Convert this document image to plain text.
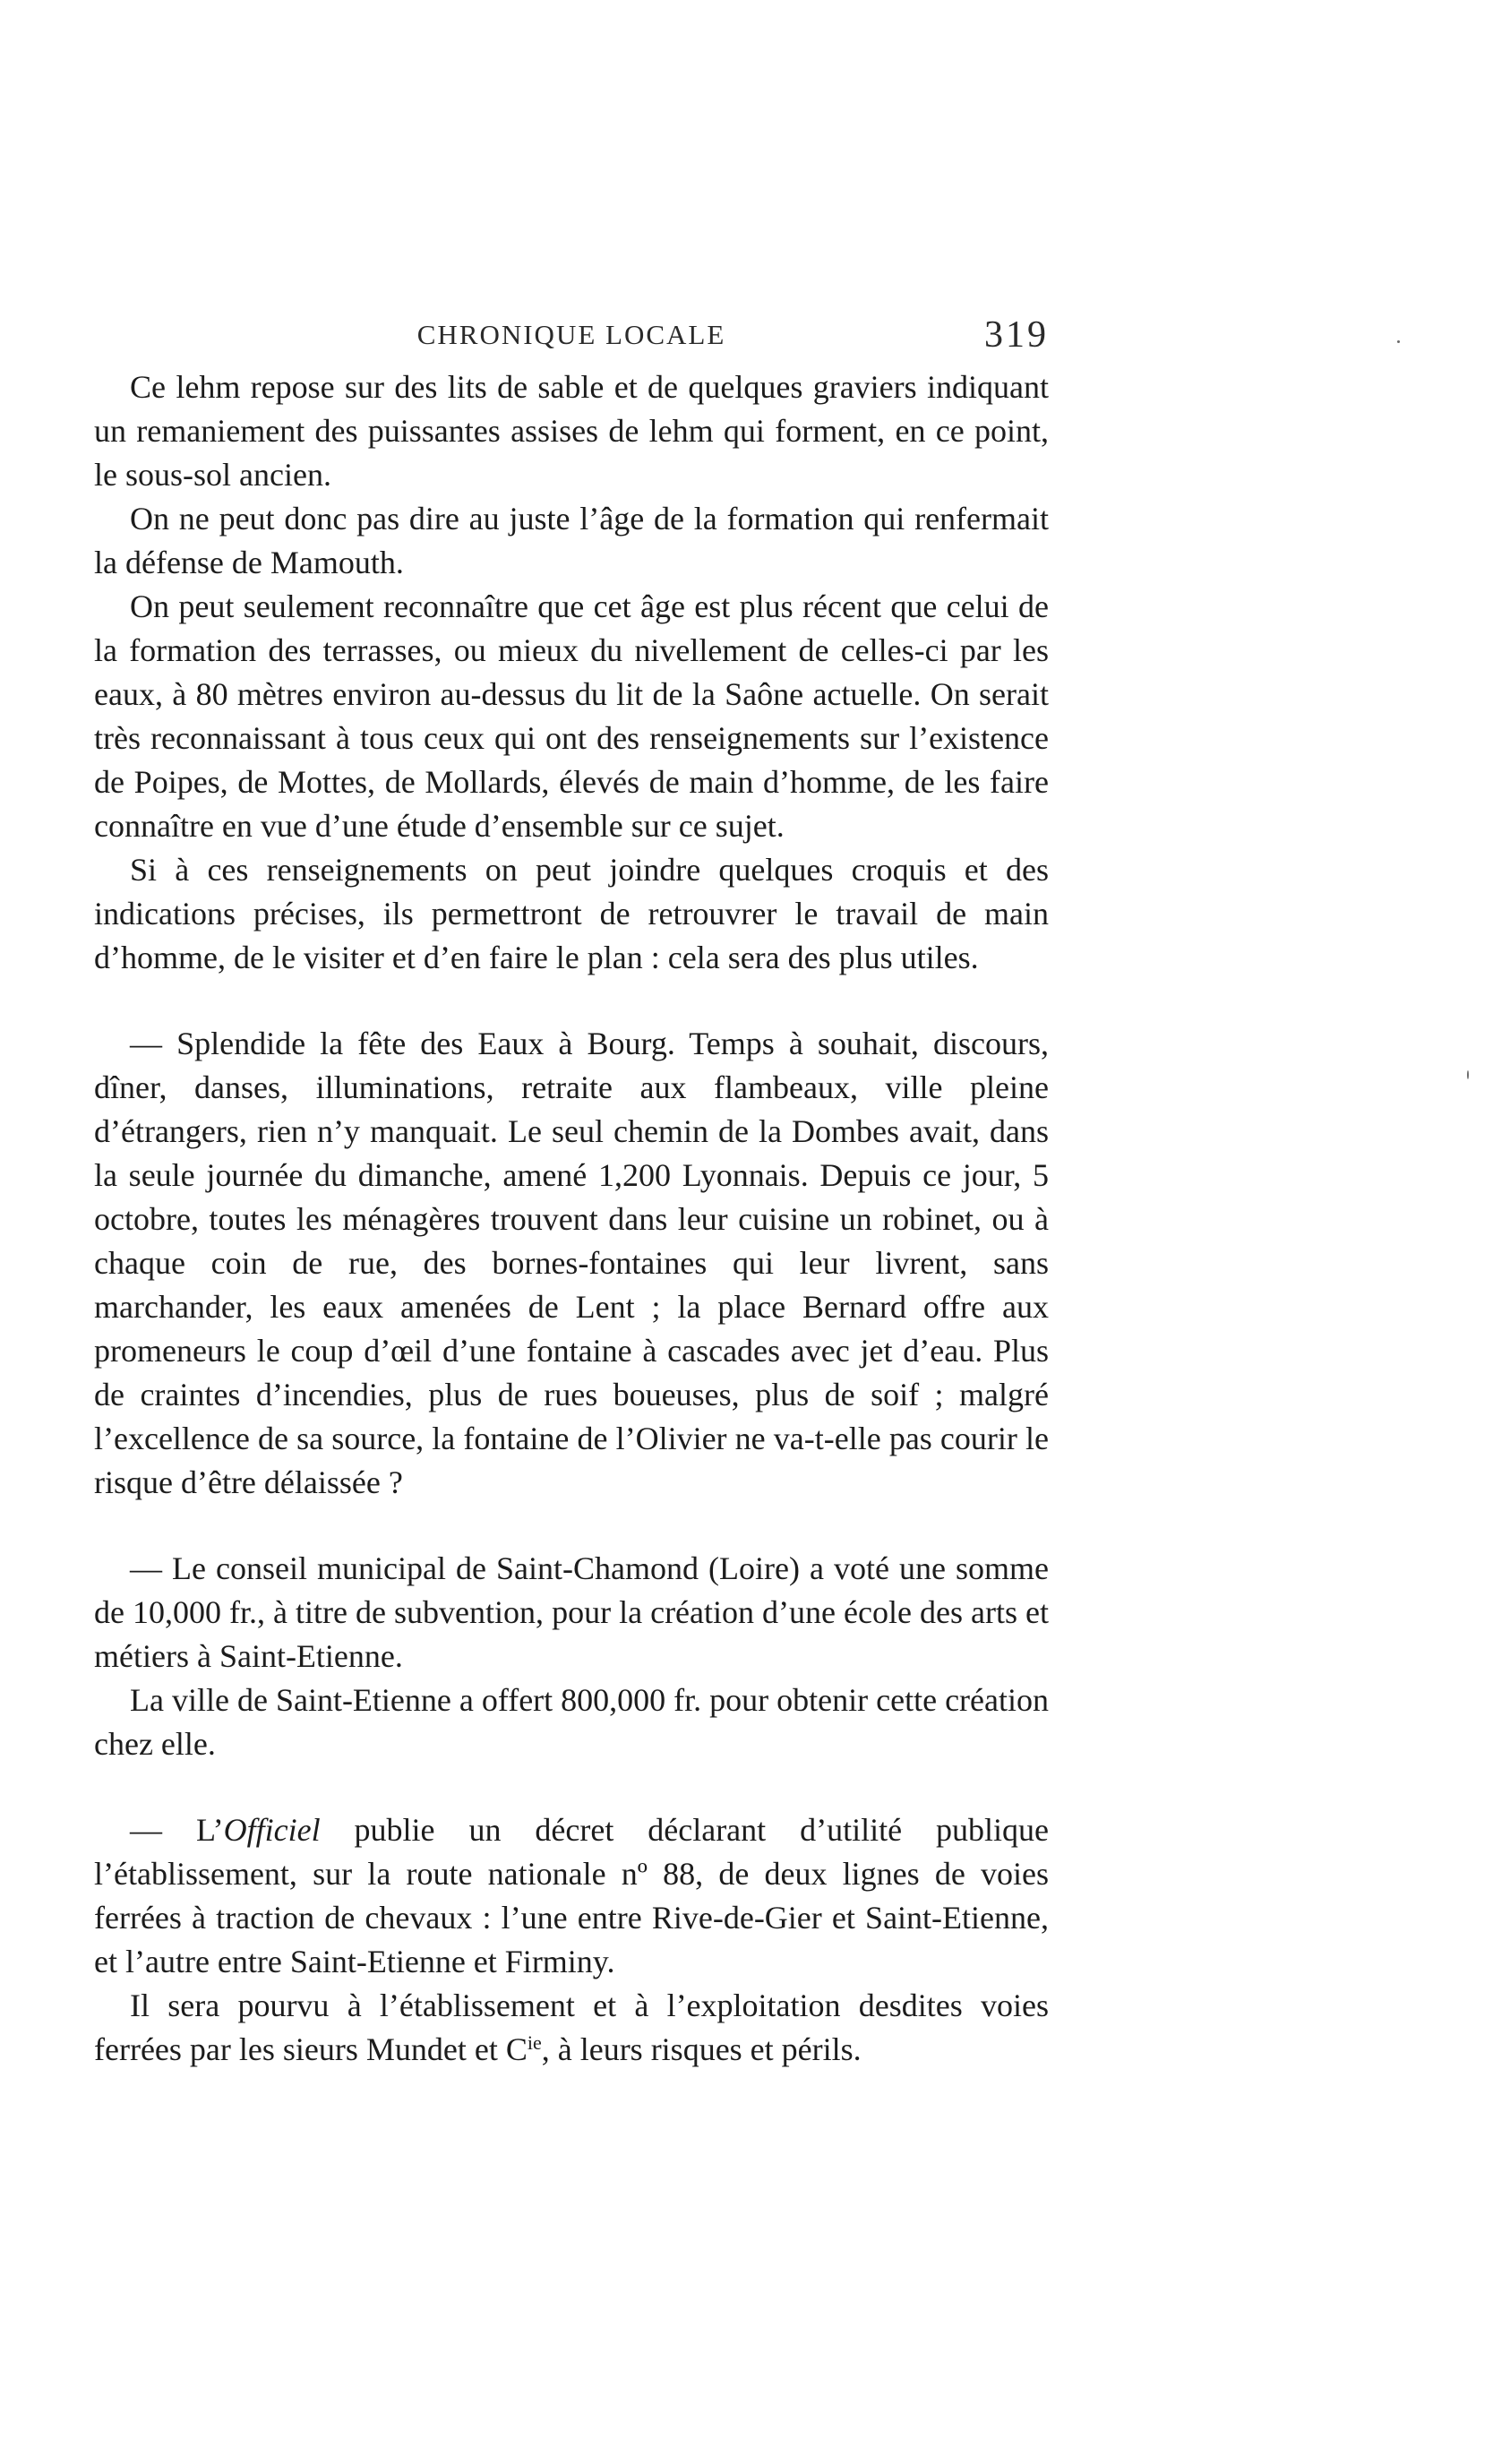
CHRONIQUE LOCALE	319

Ce lehm repose sur des lits de sable et de quelques graviers indiquant un remaniement des puissantes assises de lehm qui forment, en ce point, le sous-sol ancien.

On ne peut donc pas dire au juste l’âge de la formation qui renfermait la défense de Mamouth.

On peut seulement reconnaître que cet âge est plus récent que celui de la formation des terrasses, ou mieux du nivellement de celles-ci par les eaux, à 80 mètres environ au-dessus du lit de la Saône actuelle. On serait très reconnaissant à tous ceux qui ont des renseignements sur l’existence de Poipes, de Mottes, de Mollards, élevés de main d’homme, de les faire connaître en vue d’une étude d’ensemble sur ce sujet.

Si à ces renseignements on peut joindre quelques croquis et des indications précises, ils permettront de retrouvrer le travail de main d’homme, de le visiter et d’en faire le plan : cela sera des plus utiles.

— Splendide la fête des Eaux à Bourg. Temps à souhait, discours, dîner, danses, illuminations, retraite aux flambeaux, ville pleine d’étrangers, rien n’y manquait. Le seul chemin de la Dombes avait, dans la seule journée du dimanche, amené 1,200 Lyonnais. Depuis ce jour, 5 octobre, toutes les ménagères trouvent dans leur cuisine un robinet, ou à chaque coin de rue, des bornes-fontaines qui leur livrent, sans marchander, les eaux amenées de Lent ; la place Bernard offre aux promeneurs le coup d’œil d’une fontaine à cascades avec jet d’eau. Plus de craintes d’incendies, plus de rues boueuses, plus de soif ; malgré l’excellence de sa source, la fontaine de l’Olivier ne va-t-elle pas courir le risque d’être délaissée ?

— Le conseil municipal de Saint-Chamond (Loire) a voté une somme de 10,000 fr., à titre de subvention, pour la création d’une école des arts et métiers à Saint-Etienne.

La ville de Saint-Etienne a offert 800,000 fr. pour obtenir cette création chez elle.

— L’Officiel publie un décret déclarant d’utilité publique l’établissement, sur la route nationale nº 88, de deux lignes de voies ferrées à traction de chevaux : l’une entre Rive-de-Gier et Saint-Etienne, et l’autre entre Saint-Etienne et Firminy.

Il sera pourvu à l’établissement et à l’exploitation desdites voies ferrées par les sieurs Mundet et $C^{ie}$, à leurs risques et périls.
